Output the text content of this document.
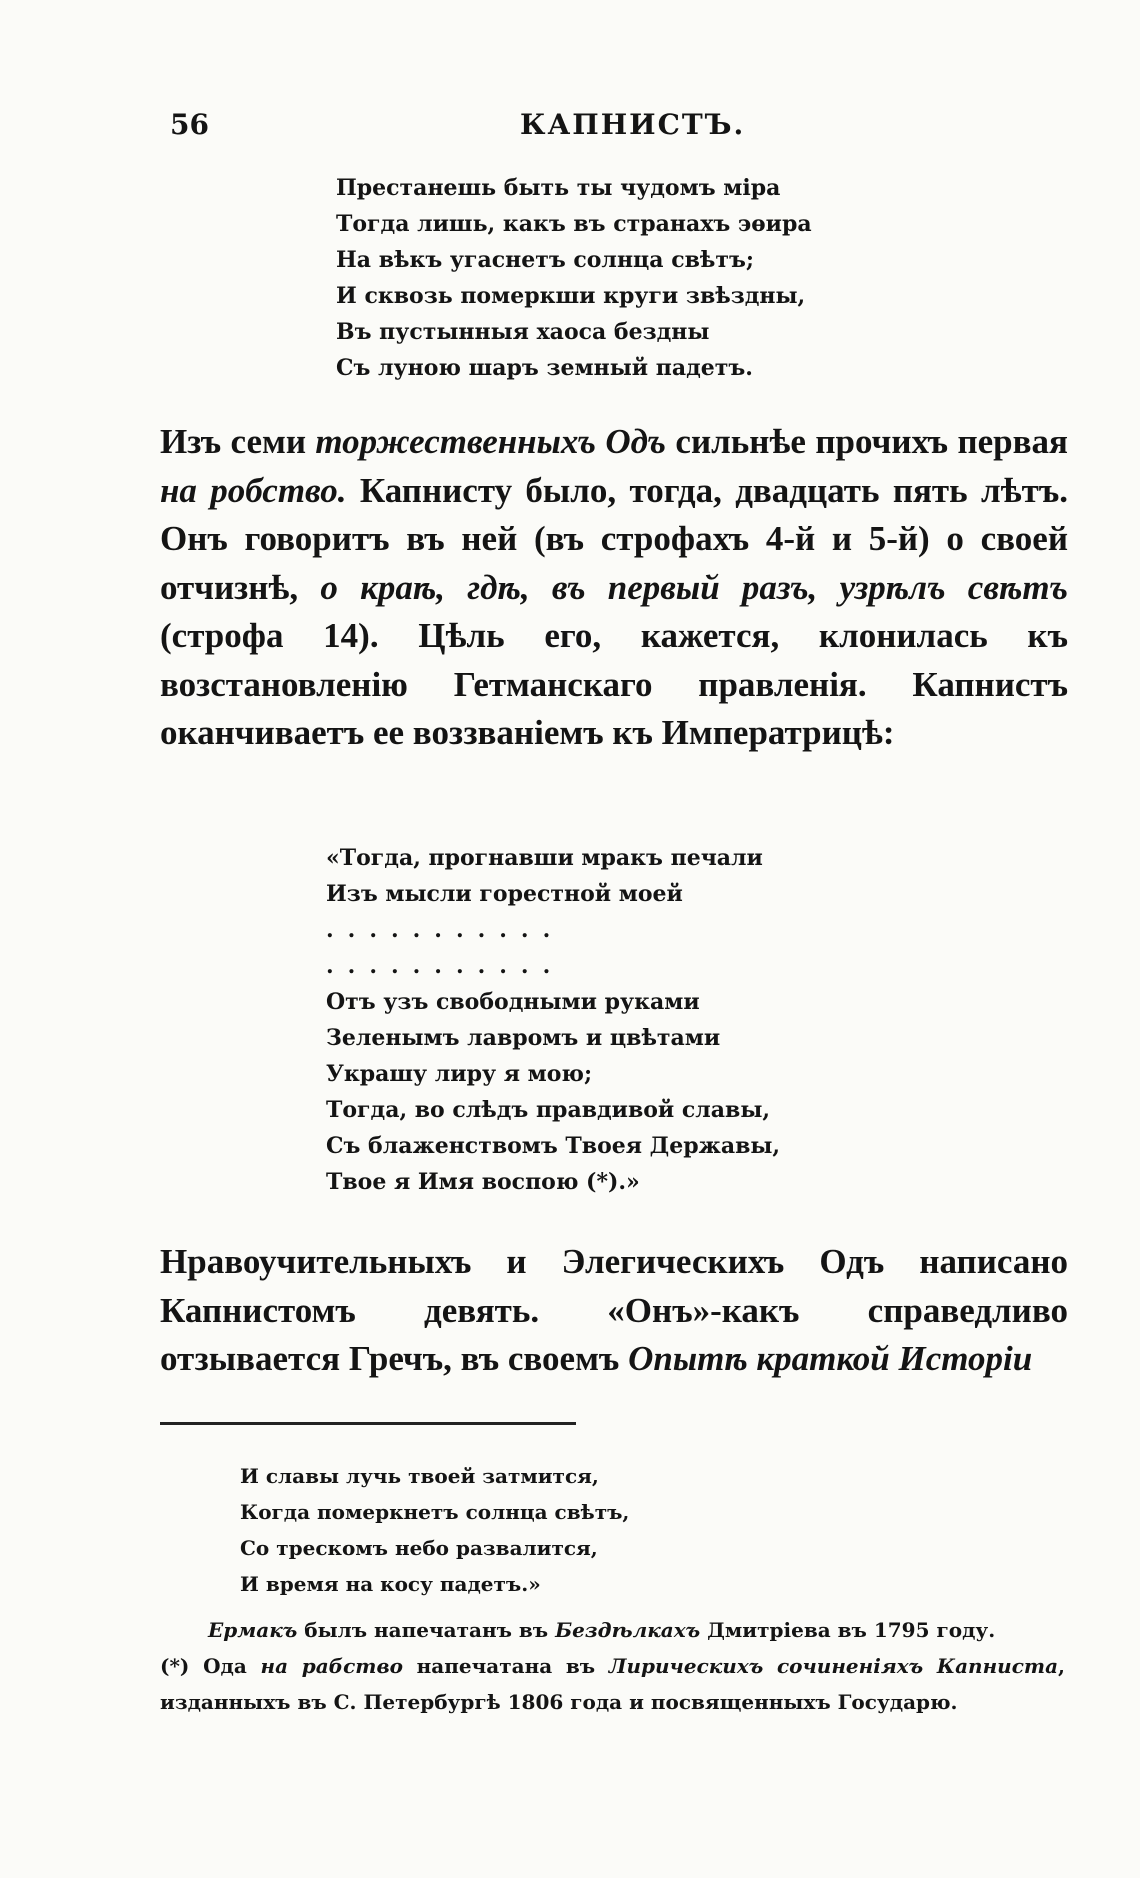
56	КАПНИСТЪ.
Престанешь быть ты чудомъ міра
Тогда лишь, какъ въ странахъ эѳира
На вѣкъ угаснетъ солнца свѣтъ;
И сквозь померкши круги звѣздны,
Въ пустынныя хаоса бездны
Съ луною шаръ земный падетъ.

Изъ семи торжественныхъ Одъ сильнѣе прочихъ первая на робство. Капнисту было, тогда, двадцать пять лѣтъ. Онъ говоритъ въ ней (въ строфахъ 4-й и 5-й) о своей отчизнѣ, о краѣ, гдѣ, въ первый разъ, узрѣлъ свѣтъ (строфа 14). Цѣль его, кажется, клонилась къ возстановленію Гетманскаго правленія. Капнистъ оканчиваетъ ее воззваніемъ къ Императрицѣ:

«Тогда, прогнавши мракъ печали
Изъ мысли горестной моей
...........
...........
Отъ узъ свободными руками
Зеленымъ лавромъ и цвѣтами
Украшу лиру я мою;
Тогда, во слѣдъ правдивой славы,
Съ блаженствомъ Твоея Державы,
Твое я Имя воспою (*).»

Нравоучительныхъ и Элегическихъ Одъ написано Капнистомъ девять. «Онъ»-какъ справедливо отзывается Гречъ, въ своемъ Опытѣ краткой Исторіи

И славы лучь твоей затмится,
Когда померкнетъ солнца свѣтъ,
Со трескомъ небо развалится,
И время на косу падетъ.»

Ермакъ былъ напечатанъ въ Бездѣлкахъ Дмитріева въ 1795 году.

(*) Ода на рабство напечатана въ Лирическихъ сочиненіяхъ Капниста, изданныхъ въ С. Петербургѣ 1806 года и посвященныхъ Государю.
